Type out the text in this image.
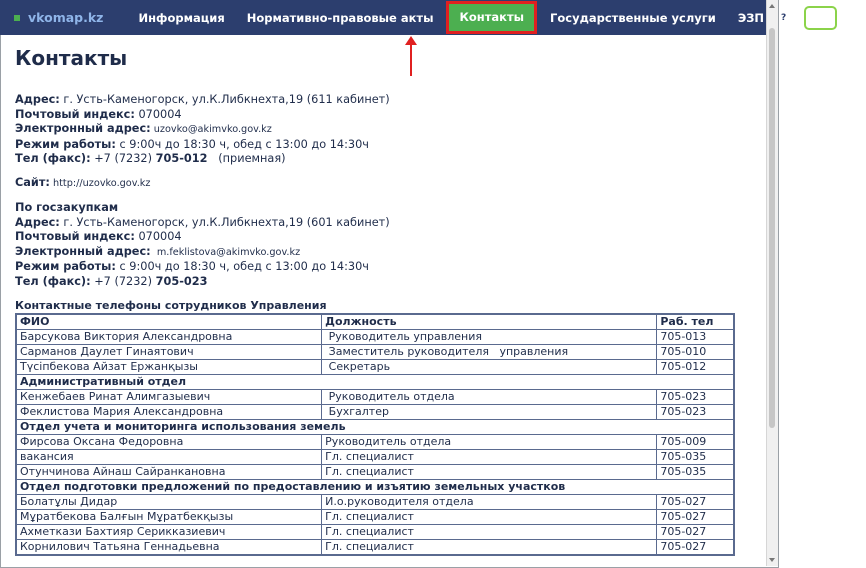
vkomap.kz	Информация	Нормативно-правовые акты	Контакты	Государственные услуги	ЭЗП	?	Рус Қаз
Контакты
Адрес: г. Усть-Каменогорск, ул.К.Либкнехта,19 (611 кабинет)
Почтовый индекс: 070004
Электронный адрес: uzovko@akimvko.gov.kz
Режим работы: с 9:00ч до 18:30 ч, обед с 13:00 до 14:30ч
Тел (факс): +7 (7232) 705-012   (приемная)
Сайт: http://uzovko.gov.kz
По госзакупкам
Адрес: г. Усть-Каменогорск, ул.К.Либкнехта,19 (601 кабинет)
Почтовый индекс: 070004
Электронный адрес:  m.feklistova@akimvko.gov.kz
Режим работы: с 9:00ч до 18:30 ч, обед с 13:00 до 14:30ч
Тел (факс): +7 (7232) 705-023
Контактные телефоны сотрудников Управления
ФИО	Должность	Раб. тел
Барсукова Виктория Александровна	Руководитель управления	705-013
Сарманов Даулет Гинаятович	Заместитель руководителя   управления	705-010
Түсіпбекова Айзат Ержанқызы	Секретарь	705-012
Административный отдел		
Кенжебаев Ринат Алимгазыевич	Руководитель отдела	705-023
Феклистова Мария Александровна	Бухгалтер	705-023
Отдел учета и мониторинга использования земель		
Фирсова Оксана Федоровна	Руководитель отдела	705-009
вакансия	Гл. специалист	705-035
Отунчинова Айнаш Сайранкановна	Гл. специалист	705-035
Отдел подготовки предложений по предоставлению и изъятию земельных участков		
Болатұлы Дидар	И.о.руководителя отдела	705-027
Мұратбекова Балғын Мұратбекқызы	Гл. специалист	705-027
Ахметкази Бахтияр Серикказиевич	Гл. специалист	705-027
Корнилович Татьяна Геннадьевна	Гл. специалист	705-027
